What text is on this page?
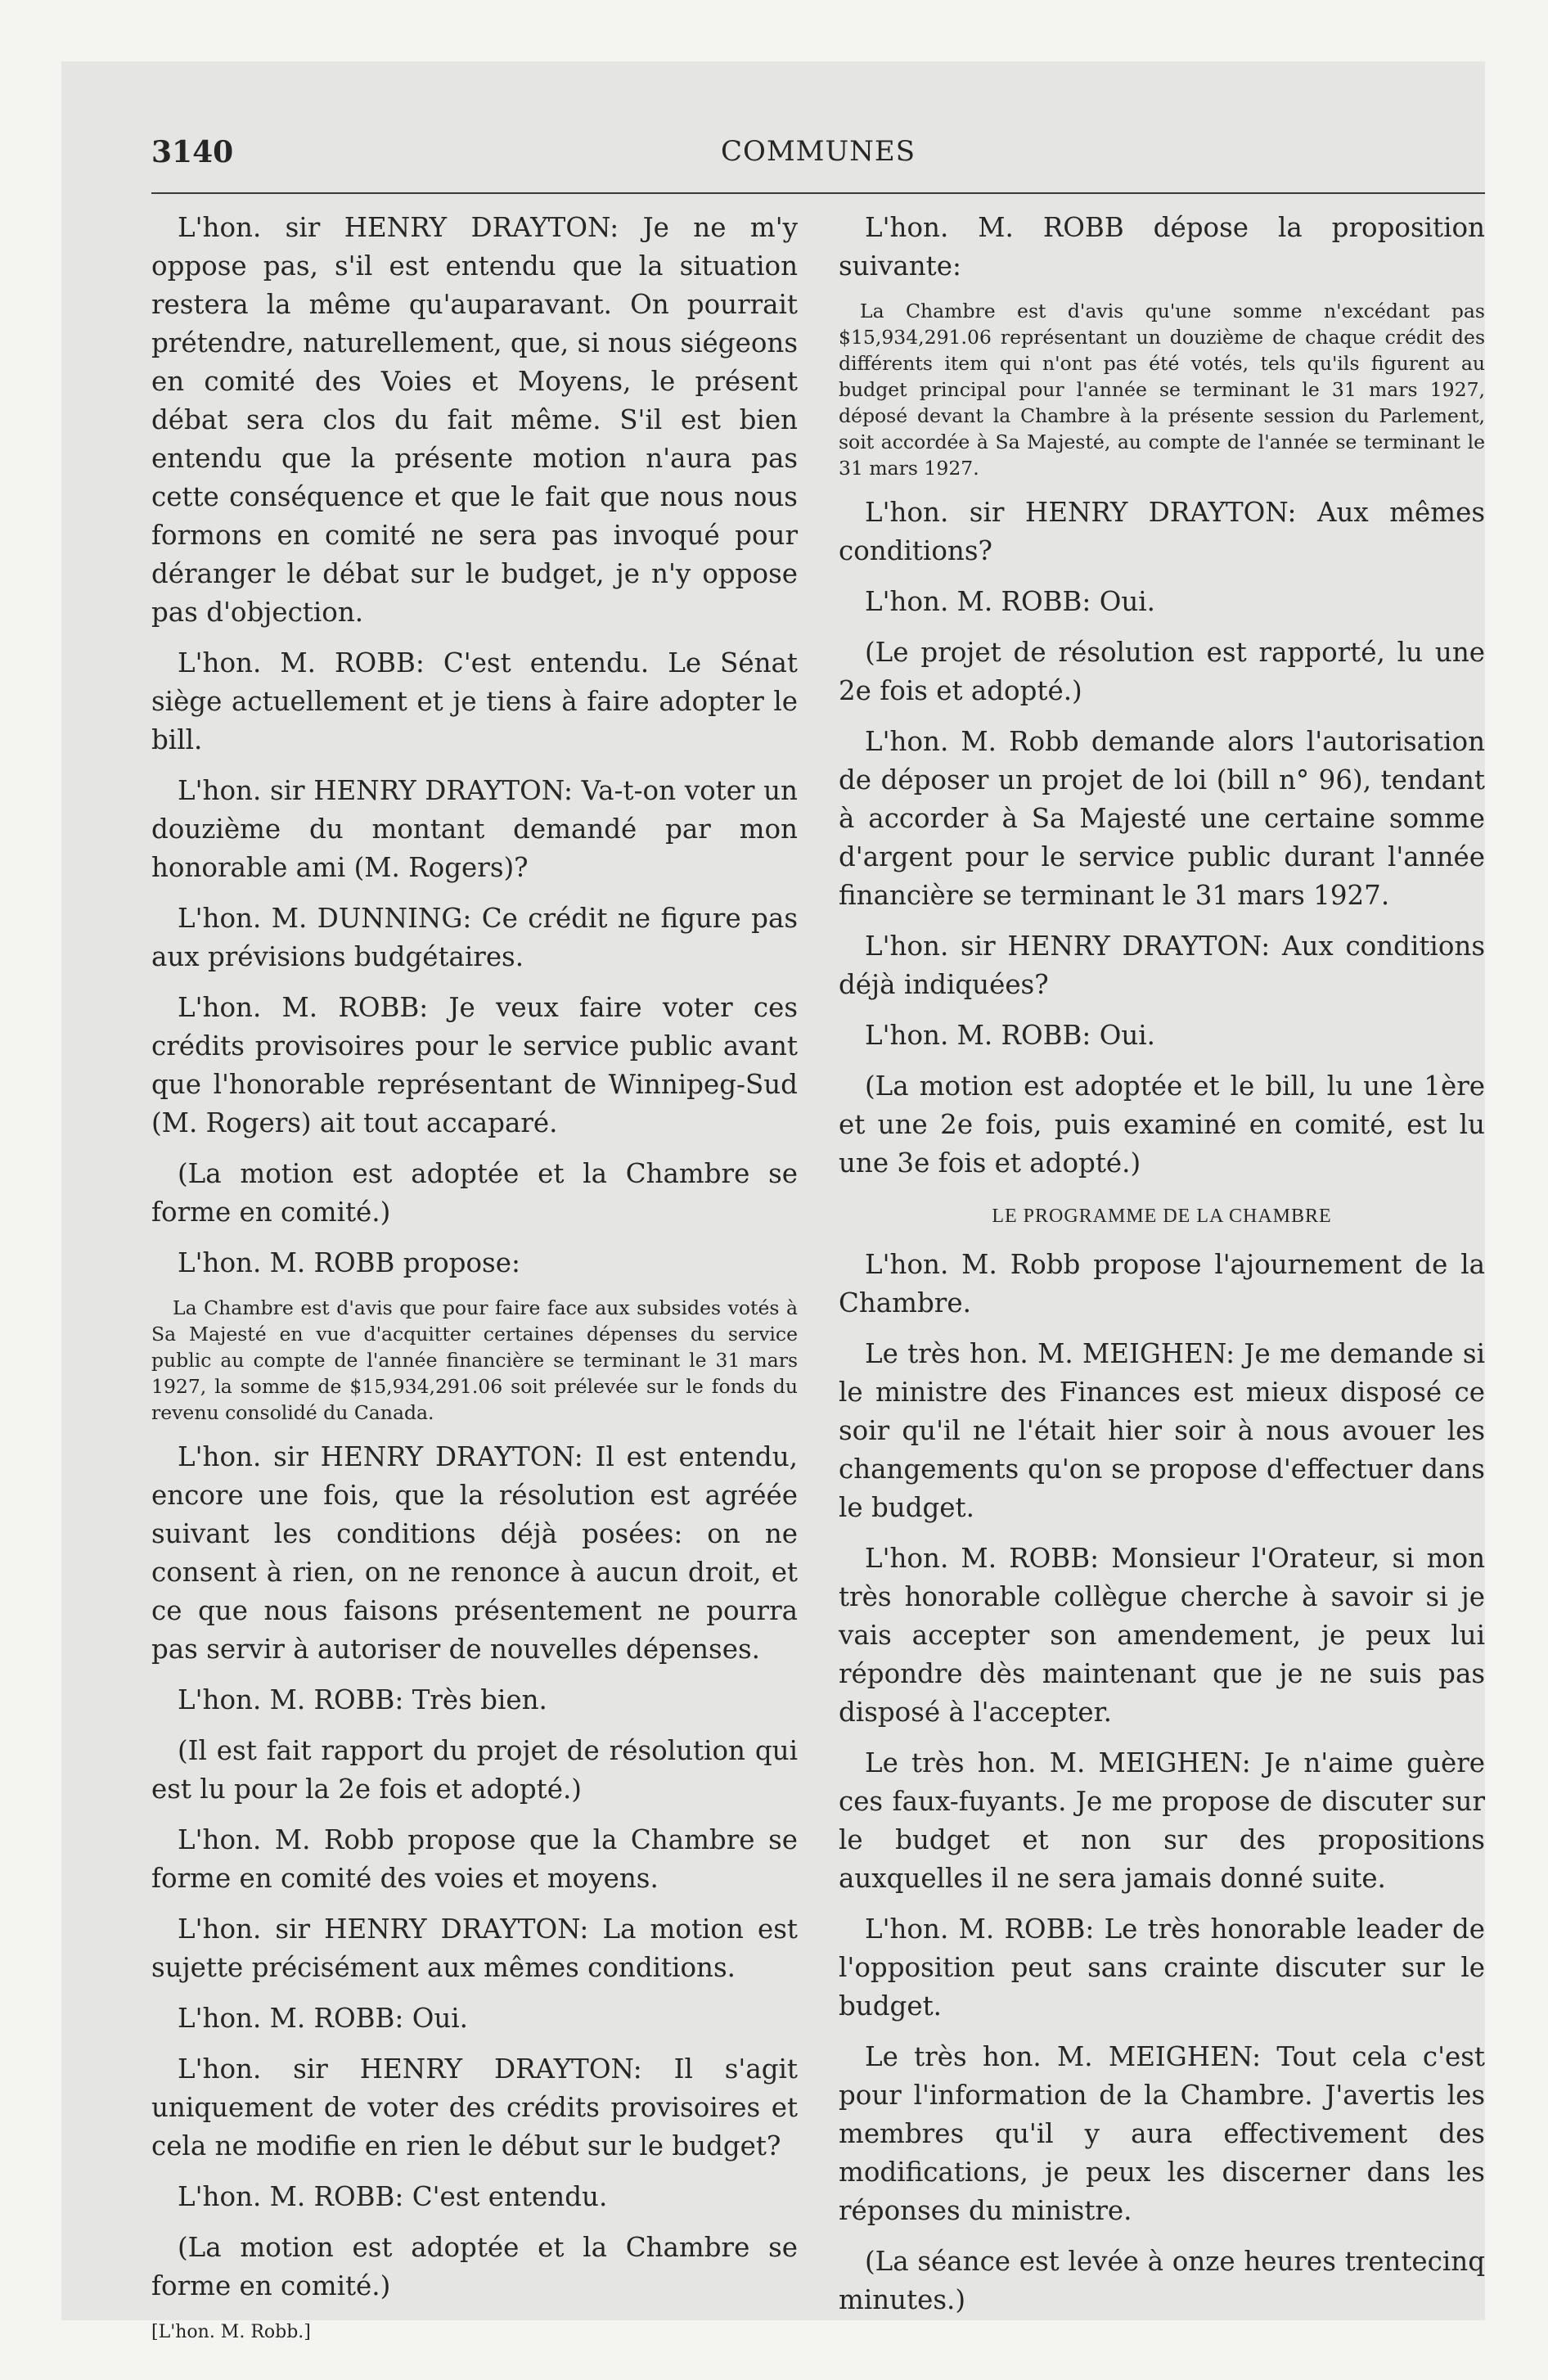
COMMUNES
3140

L'hon. sir HENRY DRAYTON: Je ne m'y oppose pas, s'il est entendu que la situation restera la même qu'auparavant. On pourrait prétendre, naturellement, que, si nous siégeons en comité des Voies et Moyens, le présent débat sera clos du fait même. S'il est bien entendu que la présente motion n'aura pas cette conséquence et que le fait que nous nous formons en comité ne sera pas invoqué pour déranger le débat sur le budget, je n'y oppose pas d'objection.

L'hon. M. ROBB: C'est entendu. Le Sénat siège actuellement et je tiens à faire adopter le bill.

L'hon. sir HENRY DRAYTON: Va-t-on voter un douzième du montant demandé par mon honorable ami (M. Rogers)?

L'hon. M. DUNNING: Ce crédit ne figure pas aux prévisions budgétaires.

L'hon. M. ROBB: Je veux faire voter ces crédits provisoires pour le service public avant que l'honorable représentant de Winnipeg-Sud (M. Rogers) ait tout accaparé.

(La motion est adoptée et la Chambre se forme en comité.)

L'hon. M. ROBB propose:

La Chambre est d'avis que pour faire face aux subsides votés à Sa Majesté en vue d'acquitter certaines dépenses du service public au compte de l'année financière se terminant le 31 mars 1927, la somme de $15,934,291.06 soit prélevée sur le fonds du revenu consolidé du Canada.

L'hon. sir HENRY DRAYTON: Il est entendu, encore une fois, que la résolution est agréée suivant les conditions déjà posées: on ne consent à rien, on ne renonce à aucun droit, et ce que nous faisons présentement ne pourra pas servir à autoriser de nouvelles dépenses.

L'hon. M. ROBB: Très bien.

(Il est fait rapport du projet de résolution qui est lu pour la 2e fois et adopté.)

L'hon. M. Robb propose que la Chambre se forme en comité des voies et moyens.

L'hon. sir HENRY DRAYTON: La motion est sujette précisément aux mêmes conditions.

L'hon. M. ROBB: Oui.

L'hon. sir HENRY DRAYTON: Il s'agit uniquement de voter des crédits provisoires et cela ne modifie en rien le début sur le budget?

L'hon. M. ROBB: C'est entendu.

(La motion est adoptée et la Chambre se forme en comité.)

[L'hon. M. Robb.]

L'hon. M. ROBB dépose la proposition suivante:

La Chambre est d'avis qu'une somme n'excédant pas $15,934,291.06 représentant un douzième de chaque crédit des différents item qui n'ont pas été votés, tels qu'ils figurent au budget principal pour l'année se terminant le 31 mars 1927, déposé devant la Chambre à la présente session du Parlement, soit accordée à Sa Majesté, au compte de l'année se terminant le 31 mars 1927.

L'hon. sir HENRY DRAYTON: Aux mêmes conditions?

L'hon. M. ROBB: Oui.

(Le projet de résolution est rapporté, lu une 2e fois et adopté.)

L'hon. M. Robb demande alors l'autorisation de déposer un projet de loi (bill n° 96), tendant à accorder à Sa Majesté une certaine somme d'argent pour le service public durant l'année financière se terminant le 31 mars 1927.

L'hon. sir HENRY DRAYTON: Aux conditions déjà indiquées?

L'hon. M. ROBB: Oui.

(La motion est adoptée et le bill, lu une 1ère et une 2e fois, puis examiné en comité, est lu une 3e fois et adopté.)

LE PROGRAMME DE LA CHAMBRE

L'hon. M. Robb propose l'ajournement de la Chambre.

Le très hon. M. MEIGHEN: Je me demande si le ministre des Finances est mieux disposé ce soir qu'il ne l'était hier soir à nous avouer les changements qu'on se propose d'effectuer dans le budget.

L'hon. M. ROBB: Monsieur l'Orateur, si mon très honorable collègue cherche à savoir si je vais accepter son amendement, je peux lui répondre dès maintenant que je ne suis pas disposé à l'accepter.

Le très hon. M. MEIGHEN: Je n'aime guère ces faux-fuyants. Je me propose de discuter sur le budget et non sur des propositions auxquelles il ne sera jamais donné suite.

L'hon. M. ROBB: Le très honorable leader de l'opposition peut sans crainte discuter sur le budget.

Le très hon. M. MEIGHEN: Tout cela c'est pour l'information de la Chambre. J'avertis les membres qu'il y aura effectivement des modifications, je peux les discerner dans les réponses du ministre.

(La séance est levée à onze heures trentecinq minutes.)
